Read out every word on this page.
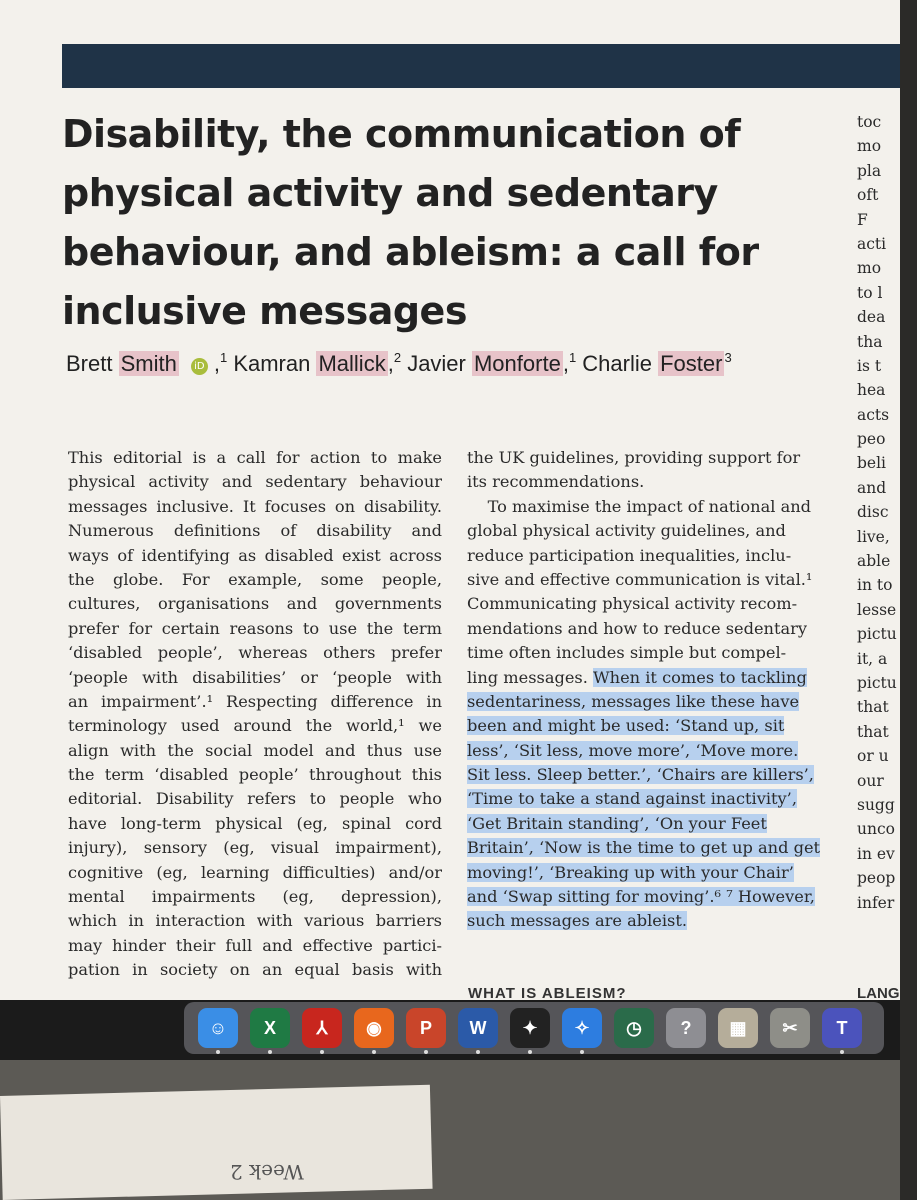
Disability, the communication of physical activity and sedentary behaviour, and ableism: a call for inclusive messages
Brett Smith iD ,$^1$ Kamran Mallick,$^2$ Javier Monforte,$^1$ Charlie Foster $^3$
This editorial is a call for action to make
physical activity and sedentary behaviour
messages inclusive. It focuses on disability.
Numerous definitions of disability and
ways of identifying as disabled exist across
the globe. For example, some people,
cultures, organisations and governments
prefer for certain reasons to use the term
‘disabled people’, whereas others prefer
‘people with disabilities’ or ‘people with
an impairment’.¹ Respecting difference in
terminology used around the world,¹ we
align with the social model and thus use
the term ‘disabled people’ throughout this
editorial. Disability refers to people who
have long-term physical (eg, spinal cord
injury), sensory (eg, visual impairment),
cognitive (eg, learning difficulties) and/or
mental impairments (eg, depression),
which in interaction with various barriers
may hinder their full and effective partici-
pation in society on an equal basis with
the UK guidelines, providing support for
its recommendations.
To maximise the impact of national and
global physical activity guidelines, and
reduce participation inequalities, inclu-
sive and effective communication is vital.¹
Communicating physical activity recom-
mendations and how to reduce sedentary
time often includes simple but compel-
ling messages. When it comes to tackling
sedentariness, messages like these have
been and might be used: ‘Stand up, sit
less’, ‘Sit less, move more’, ‘Move more.
Sit less. Sleep better.’, ‘Chairs are killers’,
‘Time to take a stand against inactivity’,
‘Get Britain standing’, ‘On your Feet
Britain’, ‘Now is the time to get up and get
moving!’, ‘Breaking up with your Chair’
and ‘Swap sitting for moving’.⁶ ⁷ However,
such messages are ableist.
WHAT IS ABLEISM?
toc
mo
pla
oft
F
acti
mo
to l
dea
tha
is t
hea
acts
peo
beli
and
disc
live,
able
in to
lesse
pictu
it, a
pictu
that
that
or u
our
sugg
unco
in ev
peop
infer
LANG
☺	X	⅄	◉	P	W	✦	✧	◷	?	▦	✂	T
Week 2
